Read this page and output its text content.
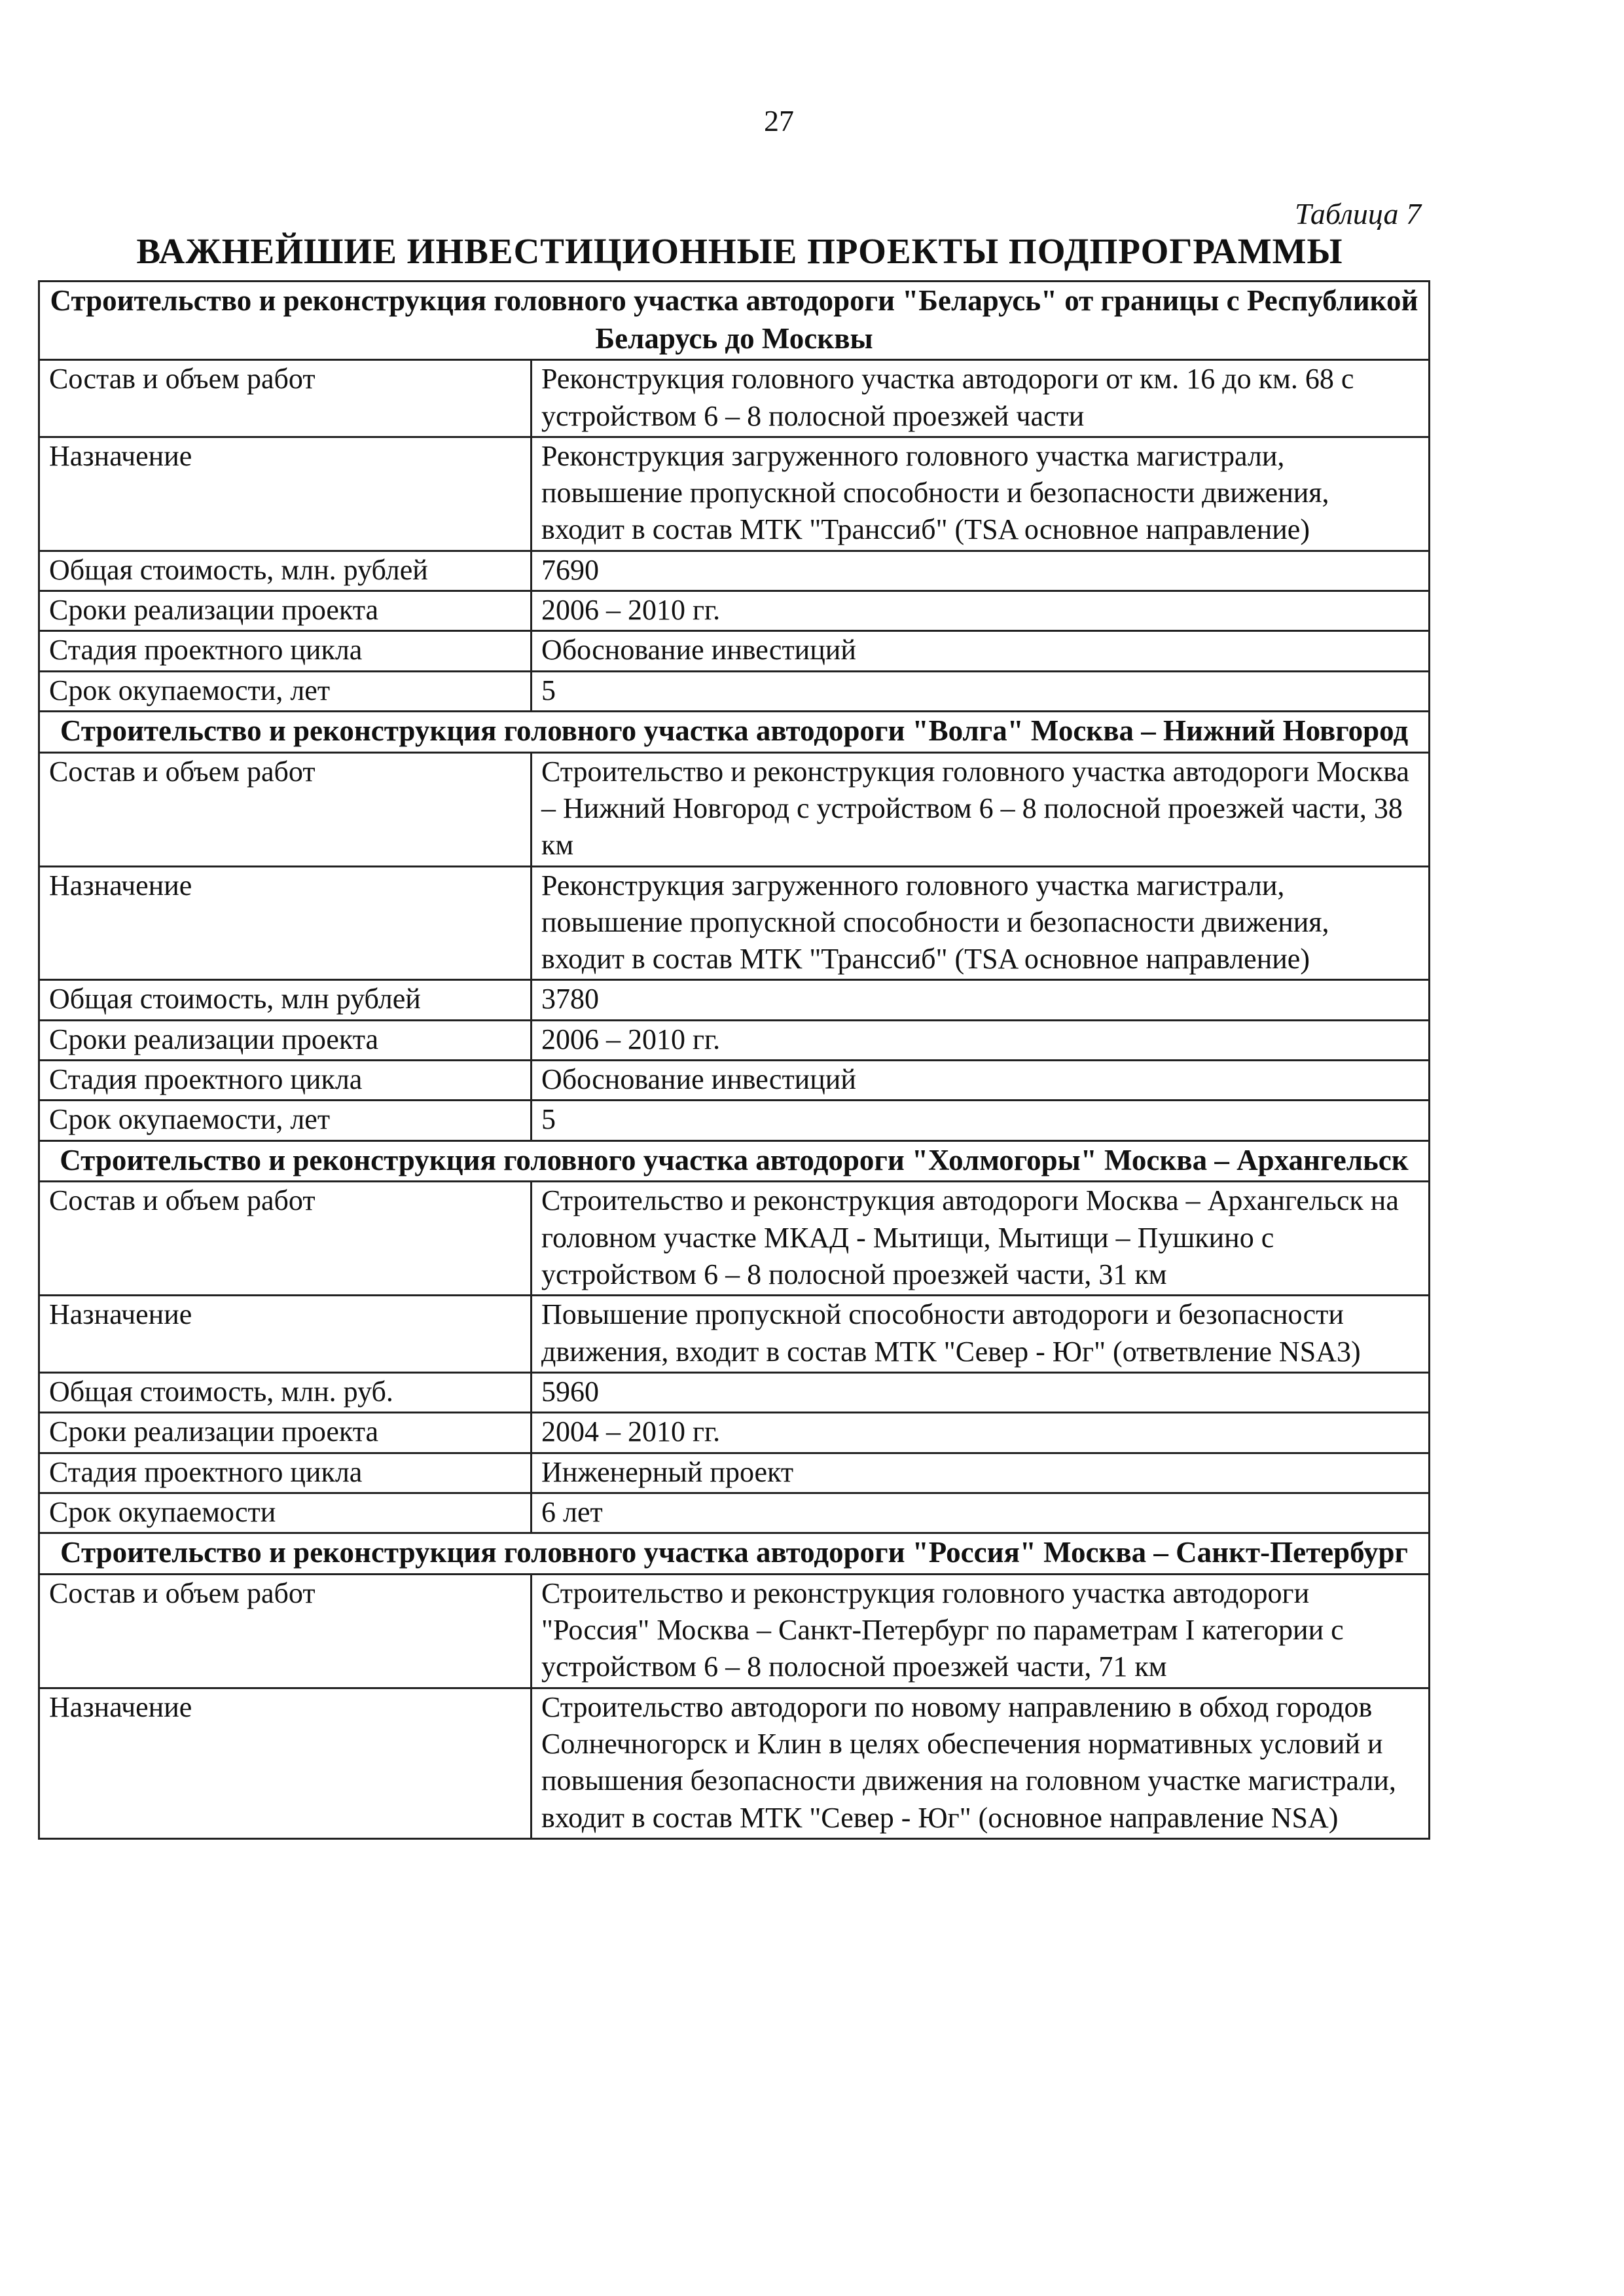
27
Таблица 7
ВАЖНЕЙШИЕ ИНВЕСТИЦИОННЫЕ ПРОЕКТЫ ПОДПРОГРАММЫ
Строительство и реконструкция головного участка автодороги "Беларусь" от границы с Республикой Беларусь до Москвы	
Состав и объем работ	Реконструкция головного участка автодороги от км. 16 до км. 68 с устройством 6 – 8 полосной проезжей части
Назначение	Реконструкция загруженного головного участка магистрали, повышение пропускной способности и безопасности движения, входит в состав МТК "Транссиб" (TSA основное направление)
Общая стоимость, млн. рублей	7690
Сроки реализации проекта	2006 – 2010 гг.
Стадия проектного цикла	Обоснование инвестиций
Срок окупаемости, лет	5
Строительство и реконструкция головного участка автодороги "Волга" Москва – Нижний Новгород	
Состав и объем работ	Строительство и реконструкция головного участка автодороги Москва – Нижний Новгород с устройством 6 – 8 полосной проезжей части, 38 км
Назначение	Реконструкция загруженного головного участка магистрали, повышение пропускной способности и безопасности движения, входит в состав МТК "Транссиб" (TSA основное направление)
Общая стоимость, млн рублей	3780
Сроки реализации проекта	2006 – 2010 гг.
Стадия проектного цикла	Обоснование инвестиций
Срок окупаемости, лет	5
Строительство и реконструкция головного участка автодороги "Холмогоры" Москва – Архангельск	
Состав и объем работ	Строительство и реконструкция автодороги Москва – Архангельск на головном участке МКАД - Мытищи, Мытищи – Пушкино с устройством 6 – 8 полосной проезжей части, 31 км
Назначение	Повышение пропускной способности автодороги и безопасности движения, входит в состав МТК "Север - Юг" (ответвление NSA3)
Общая стоимость, млн. руб.	5960
Сроки реализации проекта	2004 – 2010 гг.
Стадия проектного цикла	Инженерный проект
Срок окупаемости	6 лет
Строительство и реконструкция головного участка автодороги "Россия" Москва – Санкт-Петербург	
Состав и объем работ	Строительство и реконструкция головного участка автодороги "Россия" Москва – Санкт-Петербург по параметрам I категории с устройством 6 – 8 полосной проезжей части, 71 км
Назначение	Строительство автодороги по новому направлению в обход городов Солнечногорск и Клин в целях обеспечения нормативных условий и повышения безопасности движения на головном участке магистрали, входит в состав МТК "Север - Юг" (основное направление NSA)
